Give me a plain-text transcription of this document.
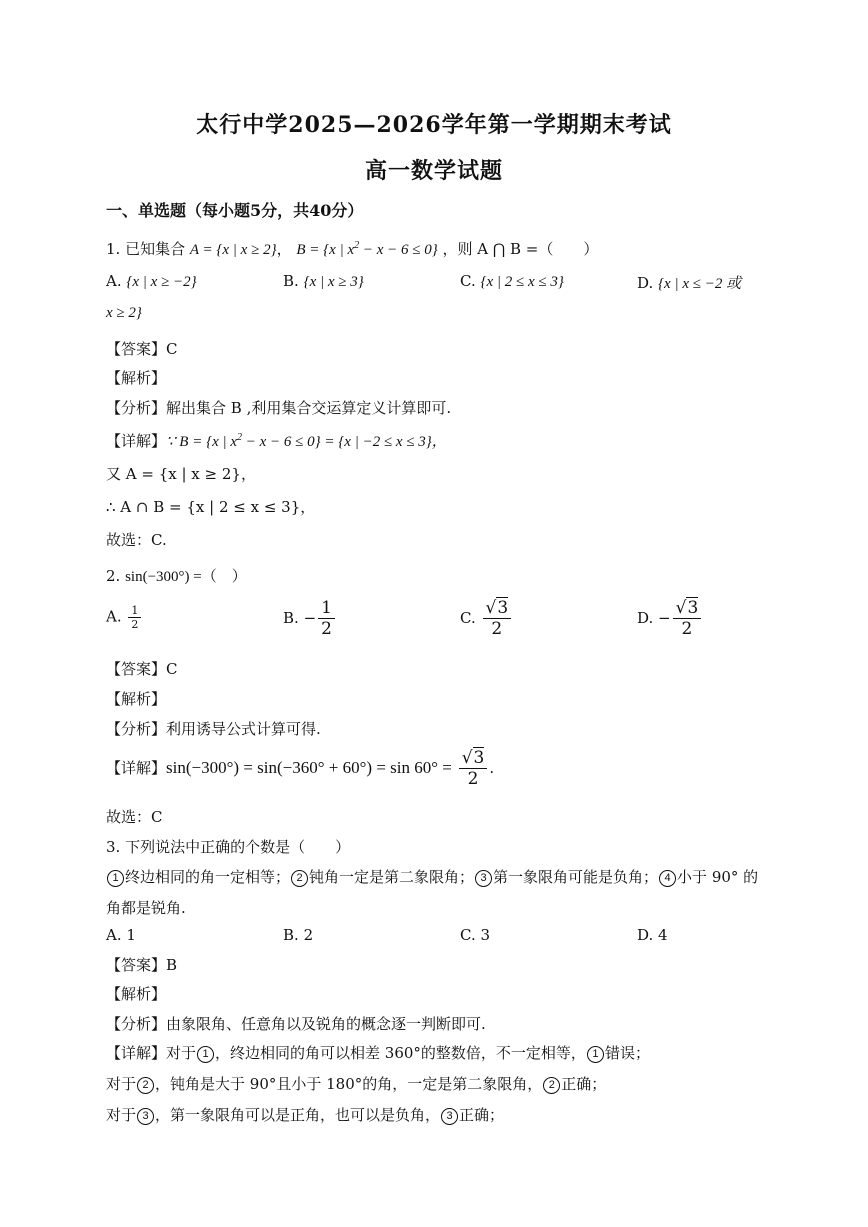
太行中学2025—2026学年第一学期期末考试
高一数学试题
一、单选题（每小题5分，共40分）
1. 已知集合 A = {x | x ≥ 2}， B = {x | $x^2 - x - 6 \le 0$} ，则 A ⋂ B =（　　）
A. {x | x ≥ −2}	B. {x | x ≥ 3}	C. {x | 2 ≤ x ≤ 3}	D. {x | x ≤ −2 或
x ≥ 2}
【答案】C
【解析】
【分析】解出集合 B ,利用集合交运算定义计算即可.
【详解】∵ B = {x | $x^2 - x - 6 \le 0\} = \{x$ | −2 ≤ x ≤ 3}，
又 A = {x | x ≥ 2}，
∴ A ∩ B = {x | 2 ≤ x ≤ 3}，
故选：C.
2. sin(−300°) =（　）
A. $\frac{1}{2}$	B. − $\frac{1}{2}$	C. $\frac{√3}{2}$	D. − $\frac{√3}{2}$
【答案】C
【解析】
【分析】利用诱导公式计算可得.
【详解】$\sin(-300^\circ) = \sin(-360^\circ + 60^\circ) = \sin 60^\circ = \frac{√3}{2}$ .
故选：C
3. 下列说法中正确的个数是（　　）
1 终边相同的角一定相等； 2 钝角一定是第二象限角； 3 第一象限角可能是负角； 4 小于 90° 的
角都是锐角.
A. 1	B. 2	C. 3	D. 4
【答案】B
【解析】
【分析】由象限角、任意角以及锐角的概念逐一判断即可.
【详解】对于 1 ，终边相同的角可以相差 360°的整数倍，不一定相等， 1 错误；
对于 2 ，钝角是大于 90°且小于 180°的角，一定是第二象限角， 2 正确；
对于 3 ，第一象限角可以是正角，也可以是负角， 3 正确；
